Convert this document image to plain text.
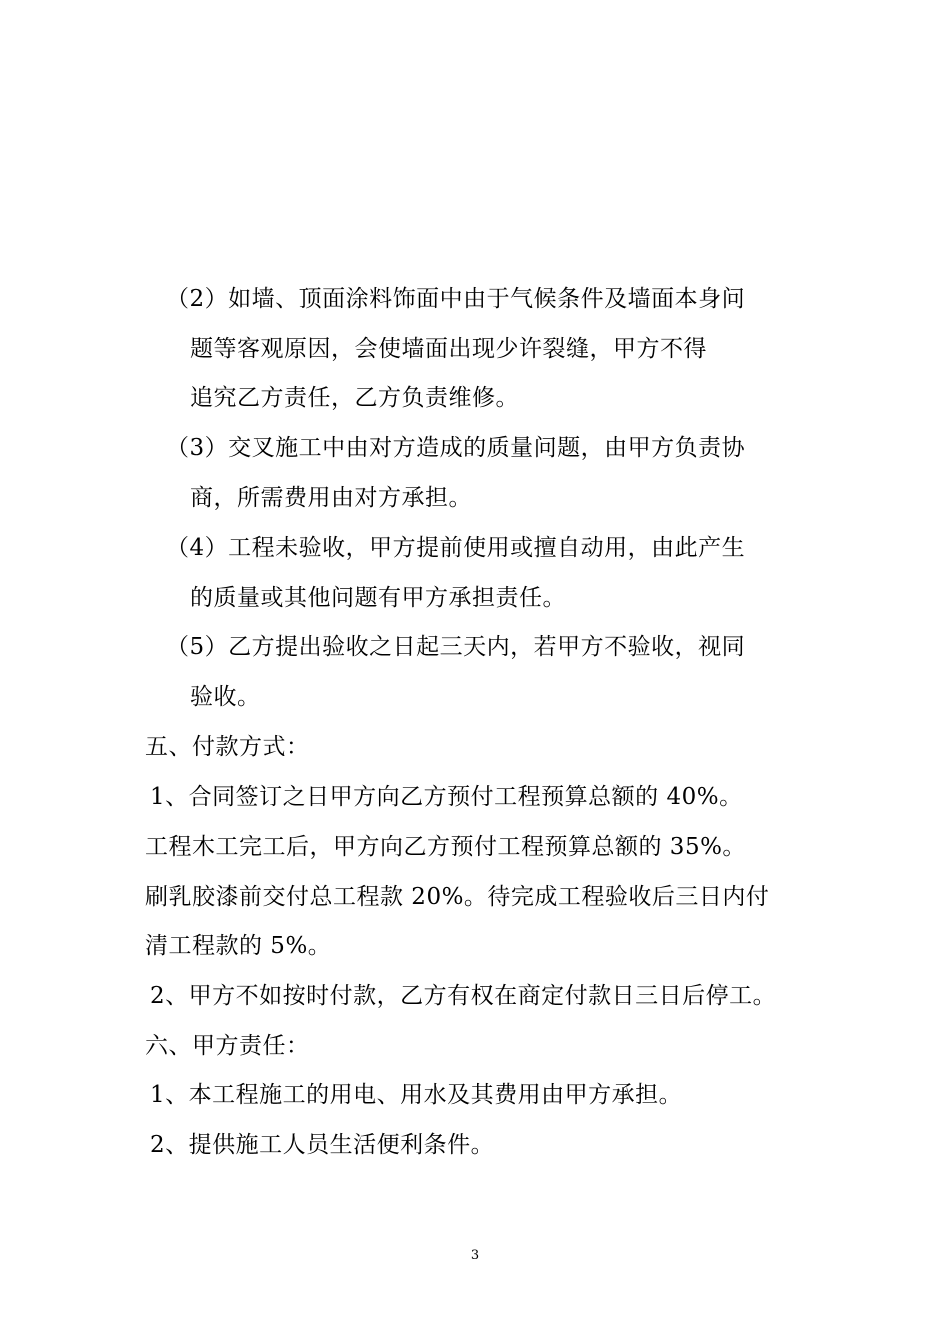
（2）如墙、顶面涂料饰面中由于气候条件及墙面本身问
题等客观原因，会使墙面出现少许裂缝，甲方不得
追究乙方责任，乙方负责维修。
（3）交叉施工中由对方造成的质量问题，由甲方负责协
商，所需费用由对方承担。
（4）工程未验收，甲方提前使用或擅自动用，由此产生
的质量或其他问题有甲方承担责任。
（5）乙方提出验收之日起三天内，若甲方不验收，视同
验收。
五、付款方式：
1、合同签订之日甲方向乙方预付工程预算总额的 40%。
工程木工完工后，甲方向乙方预付工程预算总额的 35%。
刷乳胶漆前交付总工程款 20%。待完成工程验收后三日内付
清工程款的 5%。
2、甲方不如按时付款，乙方有权在商定付款日三日后停工。
六、甲方责任：
1、本工程施工的用电、用水及其费用由甲方承担。
2、提供施工人员生活便利条件。
3
